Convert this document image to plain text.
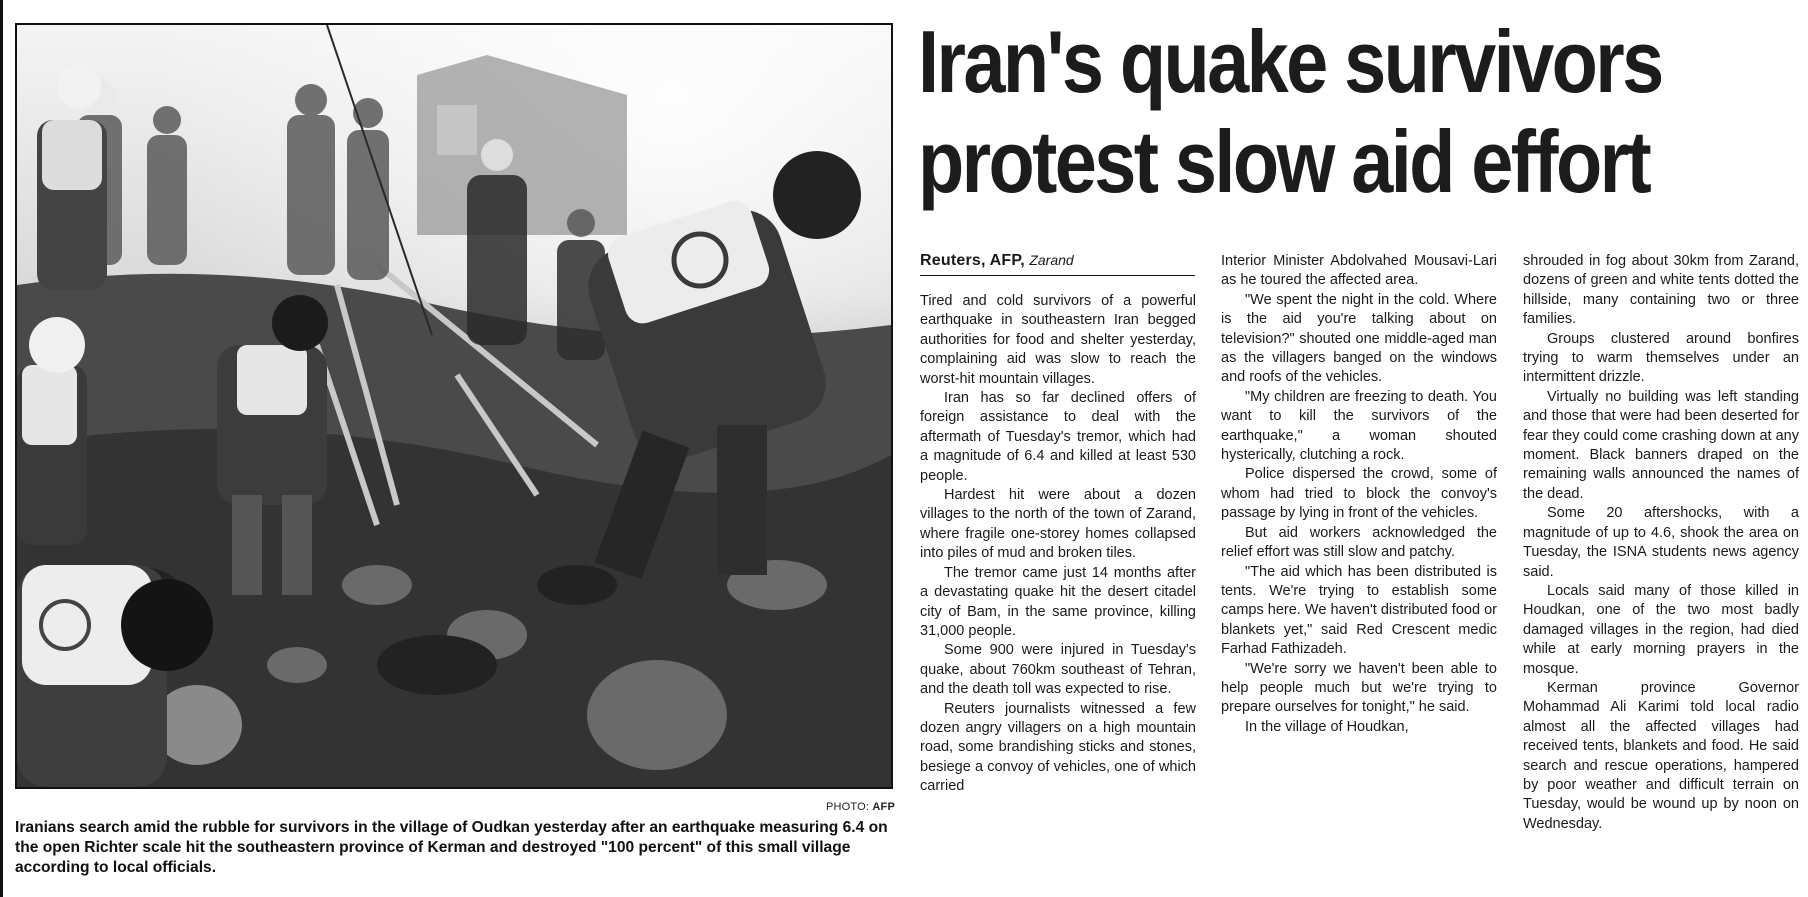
PHOTO: AFP
Iranians search amid the rubble for survivors in the village of Oudkan yesterday after an earthquake measuring 6.4 on the open Richter scale hit the southeastern province of Kerman and destroyed "100 percent" of this small village according to local officials.
Iran's quake survivors
protest slow aid effort
Reuters, AFP, Zarand

Tired and cold survivors of a powerful earthquake in southeastern Iran begged authorities for food and shelter yesterday, complaining aid was slow to reach the worst-hit mountain villages.

Iran has so far declined offers of foreign assistance to deal with the aftermath of Tuesday's tremor, which had a magnitude of 6.4 and killed at least 530 people.

Hardest hit were about a dozen villages to the north of the town of Zarand, where fragile one-storey homes collapsed into piles of mud and broken tiles.

The tremor came just 14 months after a devastating quake hit the desert citadel city of Bam, in the same province, killing 31,000 people.

Some 900 were injured in Tuesday's quake, about 760km southeast of Tehran, and the death toll was expected to rise.

Reuters journalists witnessed a few dozen angry villagers on a high mountain road, some brandishing sticks and stones, besiege a convoy of vehicles, one of which carried

Interior Minister Abdolvahed Mousavi-Lari as he toured the affected area.

"We spent the night in the cold. Where is the aid you're talking about on television?" shouted one middle-aged man as the villagers banged on the windows and roofs of the vehicles.

"My children are freezing to death. You want to kill the survivors of the earthquake," a woman shouted hysterically, clutching a rock.

Police dispersed the crowd, some of whom had tried to block the convoy's passage by lying in front of the vehicles.

But aid workers acknowledged the relief effort was still slow and patchy.

"The aid which has been distributed is tents. We're trying to establish some camps here. We haven't distributed food or blankets yet," said Red Crescent medic Farhad Fathizadeh.

"We're sorry we haven't been able to help people much but we're trying to prepare ourselves for tonight," he said.

In the village of Houdkan,

shrouded in fog about 30km from Zarand, dozens of green and white tents dotted the hillside, many containing two or three families.

Groups clustered around bonfires trying to warm themselves under an intermittent drizzle.

Virtually no building was left standing and those that were had been deserted for fear they could come crashing down at any moment. Black banners draped on the remaining walls announced the names of the dead.

Some 20 aftershocks, with a magnitude of up to 4.6, shook the area on Tuesday, the ISNA students news agency said.

Locals said many of those killed in Houdkan, one of the two most badly damaged villages in the region, had died while at early morning prayers in the mosque.

Kerman province Governor Mohammad Ali Karimi told local radio almost all the affected villages had received tents, blankets and food. He said search and rescue operations, hampered by poor weather and difficult terrain on Tuesday, would be wound up by noon on Wednesday.
